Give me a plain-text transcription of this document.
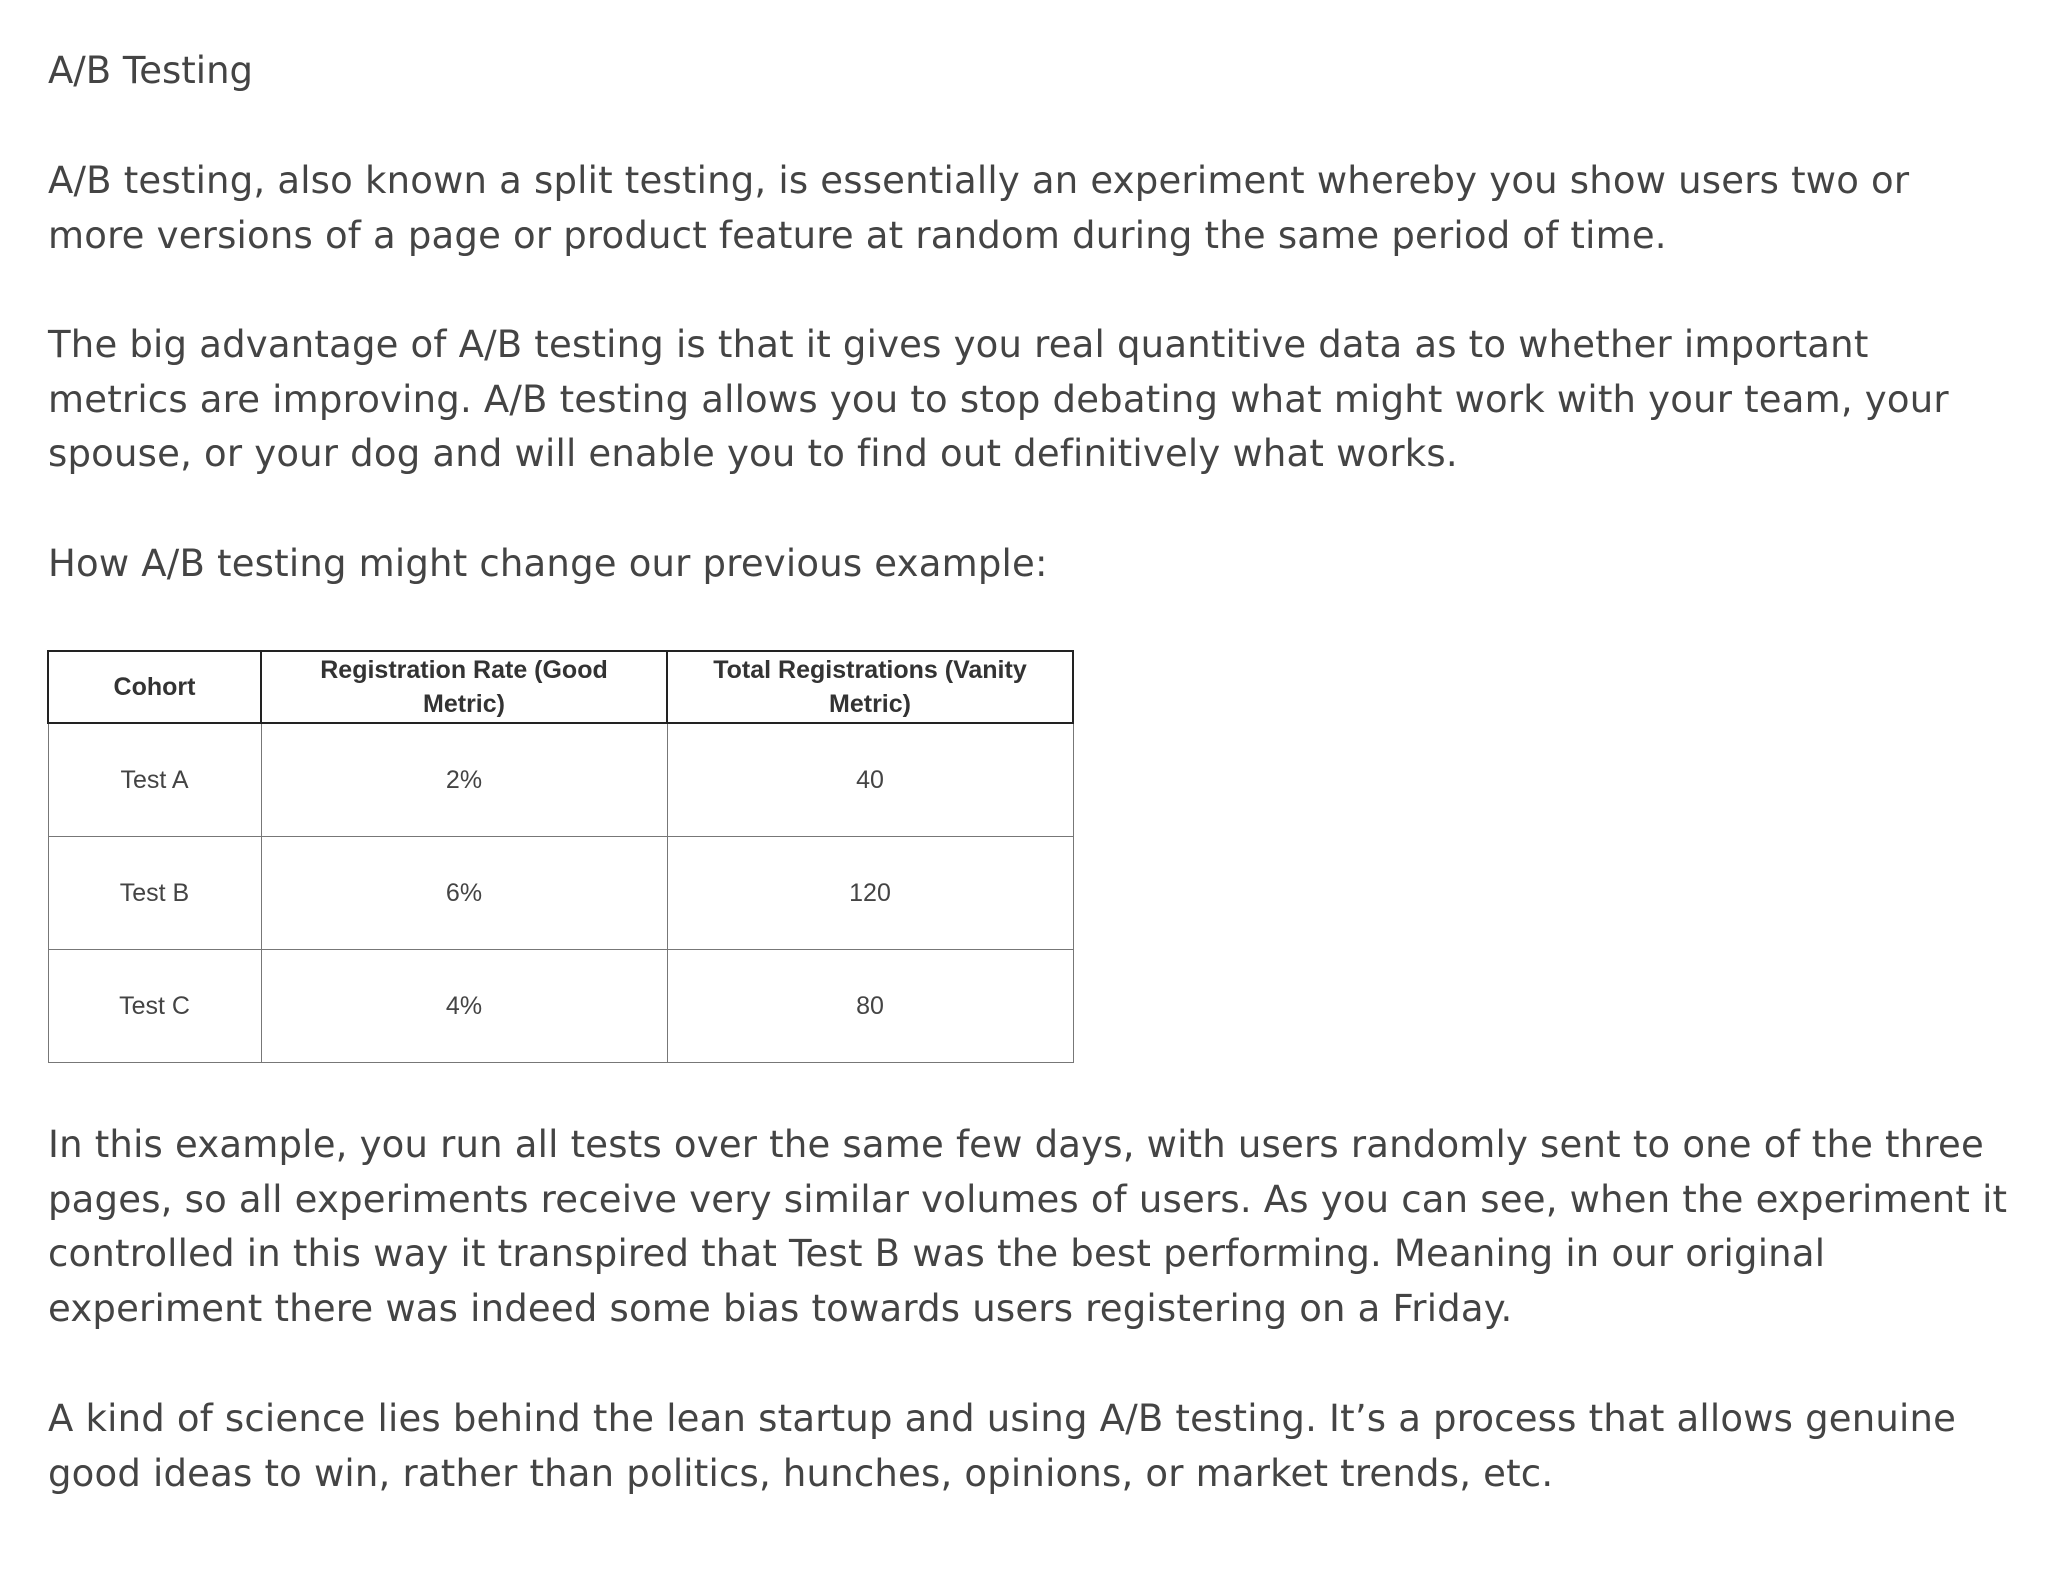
A/B Testing

A/B testing, also known a split testing, is essentially an experiment whereby you show users two or more versions of a page or product feature at random during the same period of time.

The big advantage of A/B testing is that it gives you real quantitive data as to whether important metrics are improving. A/B testing allows you to stop debating what might work with your team, your spouse, or your dog and will enable you to find out definitively what works.

How A/B testing might change our previous example:

Cohort	Registration Rate (Good Metric)	Total Registrations (Vanity Metric)
Test A	2%	40
Test B	6%	120
Test C	4%	80

In this example, you run all tests over the same few days, with users randomly sent to one of the three pages, so all experiments receive very similar volumes of users. As you can see, when the experiment it controlled in this way it transpired that Test B was the best performing. Meaning in our original experiment there was indeed some bias towards users registering on a Friday.

A kind of science lies behind the lean startup and using A/B testing. It’s a process that allows genuine good ideas to win, rather than politics, hunches, opinions, or market trends, etc.
